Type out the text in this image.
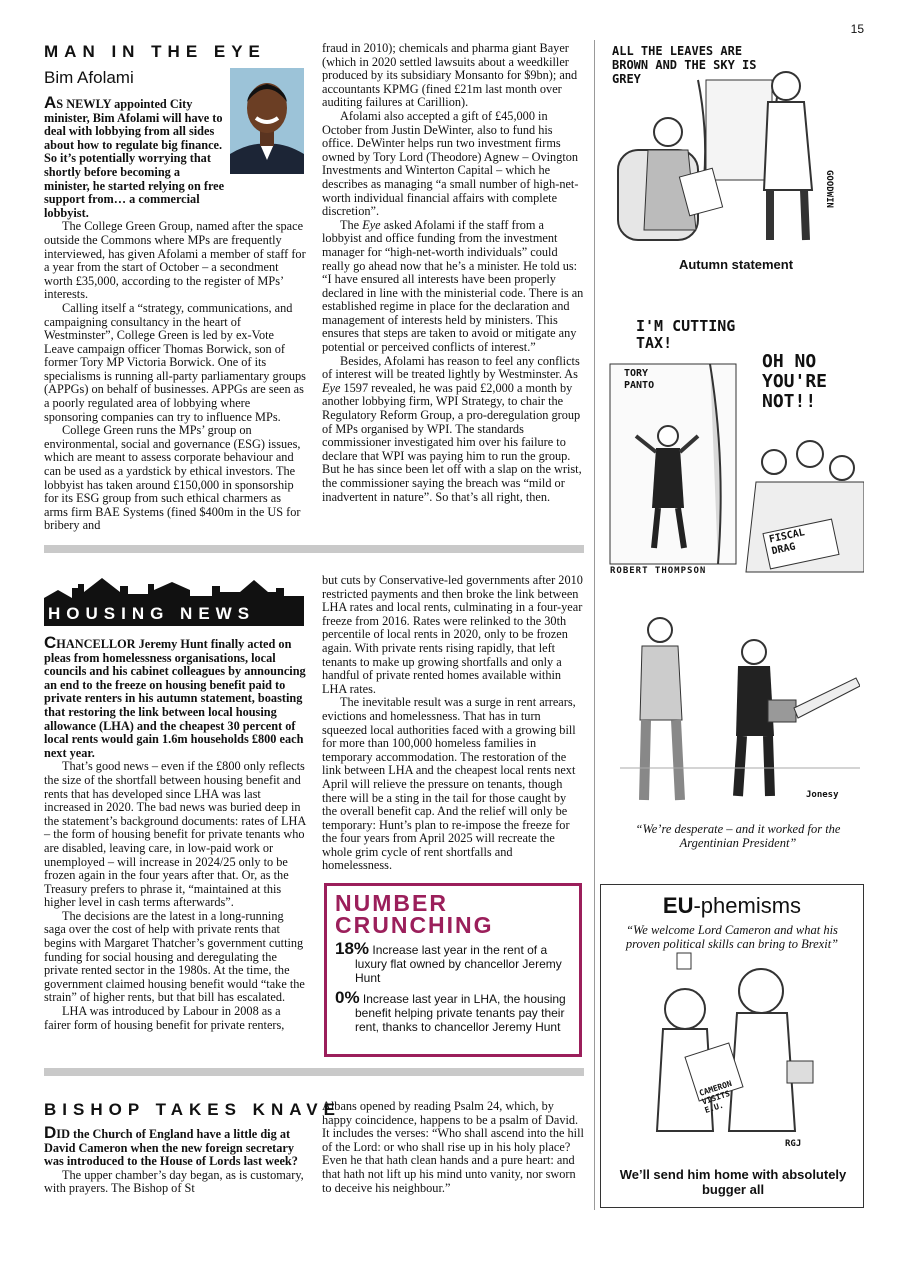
15
MAN IN THE EYE
Bim Afolami
AS NEWLY appointed City minister, Bim Afolami will have to deal with lobbying from all sides about how to regulate big finance. So it’s potentially worrying that shortly before becoming a minister, he started relying on free support from… a commercial lobbyist.

The College Green Group, named after the space outside the Commons where MPs are frequently interviewed, has given Afolami a member of staff for a year from the start of October – a secondment worth £35,000, according to the register of MPs’ interests.

Calling itself a “strategy, communications, and campaigning consultancy in the heart of Westminster”, College Green is led by ex-Vote Leave campaign officer Thomas Borwick, son of former Tory MP Victoria Borwick. One of its specialisms is running all-party parliamentary groups (APPGs) on behalf of businesses. APPGs are seen as a poorly regulated area of lobbying where sponsoring companies can try to influence MPs.

College Green runs the MPs’ group on environmental, social and governance (ESG) issues, which are meant to assess corporate behaviour and can be used as a yardstick by ethical investors. The lobbyist has taken around £150,000 in sponsorship for its ESG group from such ethical charmers as arms firm BAE Systems (fined $400m in the US for bribery and

fraud in 2010); chemicals and pharma giant Bayer (which in 2020 settled lawsuits about a weedkiller produced by its subsidiary Monsanto for $9bn); and accountants KPMG (fined £21m last month over auditing failures at Carillion).

Afolami also accepted a gift of £45,000 in October from Justin DeWinter, also to fund his office. DeWinter helps run two investment firms owned by Tory Lord (Theodore) Agnew – Ovington Investments and Winterton Capital – which he describes as managing “a small number of high-net-worth individual financial affairs with complete discretion”.

The Eye asked Afolami if the staff from a lobbyist and office funding from the investment manager for “high-net-worth individuals” could really go ahead now that he’s a minister. He told us: “I have ensured all interests have been properly declared in line with the ministerial code. There is an established regime in place for the declaration and management of interests held by ministers. This ensures that steps are taken to avoid or mitigate any potential or perceived conflicts of interest.”

Besides, Afolami has reason to feel any conflicts of interest will be treated lightly by Westminster. As Eye 1597 revealed, he was paid £2,000 a month by another lobbying firm, WPI Strategy, to chair the Regulatory Reform Group, a pro-deregulation group of MPs organised by WPI. The standards commissioner investigated him over his failure to declare that WPI was paying him to run the group. But he has since been let off with a slap on the wrist, the commissioner saying the breach was “mild or inadvertent in nature”. So that’s all right, then.

HOUSING NEWS
CHANCELLOR Jeremy Hunt finally acted on pleas from homelessness organisations, local councils and his cabinet colleagues by announcing an end to the freeze on housing benefit paid to private renters in his autumn statement, boasting that restoring the link between local housing allowance (LHA) and the cheapest 30 percent of local rents would gain 1.6m households £800 each next year.

That’s good news – even if the £800 only reflects the size of the shortfall between housing benefit and rents that has developed since LHA was last increased in 2020. The bad news was buried deep in the statement’s background documents: rates of LHA – the form of housing benefit for private tenants who are disabled, leaving care, in low-paid work or unemployed – will increase in 2024/25 only to be frozen again in the four years after that. Or, as the Treasury prefers to phrase it, “maintained at this higher level in cash terms afterwards”.

The decisions are the latest in a long-running saga over the cost of help with private rents that begins with Margaret Thatcher’s government cutting funding for social housing and deregulating the private rented sector in the 1980s. At the time, the government claimed housing benefit would “take the strain” of higher rents, but that bill has escalated.

LHA was introduced by Labour in 2008 as a fairer form of housing benefit for private renters,

but cuts by Conservative-led governments after 2010 restricted payments and then broke the link between LHA rates and local rents, culminating in a four-year freeze from 2016. Rates were relinked to the 30th percentile of local rents in 2020, only to be frozen again. With private rents rising rapidly, that left tenants to make up growing shortfalls and only a handful of private rented homes available within LHA rates.

The inevitable result was a surge in rent arrears, evictions and homelessness. That has in turn squeezed local authorities faced with a growing bill for more than 100,000 homeless families in temporary accommodation. The restoration of the link between LHA and the cheapest local rents next April will relieve the pressure on tenants, though there will be a sting in the tail for those caught by the overall benefit cap. And the relief will only be temporary: Hunt’s plan to re-impose the freeze for the four years from April 2025 will recreate the whole grim cycle of rent shortfalls and homelessness.

NUMBER
CRUNCHING
18% Increase last year in the rent of a luxury flat owned by chancellor Jeremy Hunt
0% Increase last year in LHA, the housing benefit helping private tenants pay their rent, thanks to chancellor Jeremy Hunt
BISHOP TAKES KNAVE
DID the Church of England have a little dig at David Cameron when the new foreign secretary was introduced to the House of Lords last week?

The upper chamber’s day began, as is customary, with prayers. The Bishop of St

Albans opened by reading Psalm 24, which, by happy coincidence, happens to be a psalm of David. It includes the verses: “Who shall ascend into the hill of the Lord: or who shall rise up in his holy place? Even he that hath clean hands and a pure heart: and that hath not lift up his mind unto vanity, nor sworn to deceive his neighbour.”

ALL THE LEAVES ARE BROWN AND THE SKY IS GREY
GOODWIN
Autumn statement
I'M CUTTING TAX!
OH NO YOU'RE NOT!!
TORY PANTO
FISCAL DRAG
ROBERT THOMPSON
Jonesy
“We’re desperate – and it worked for the Argentinian President”
EU-phemisms
“We welcome Lord Cameron and what his proven political skills can bring to Brexit”
CAMERON VISITS E.U.
RGJ
We’ll send him home with absolutely bugger all
